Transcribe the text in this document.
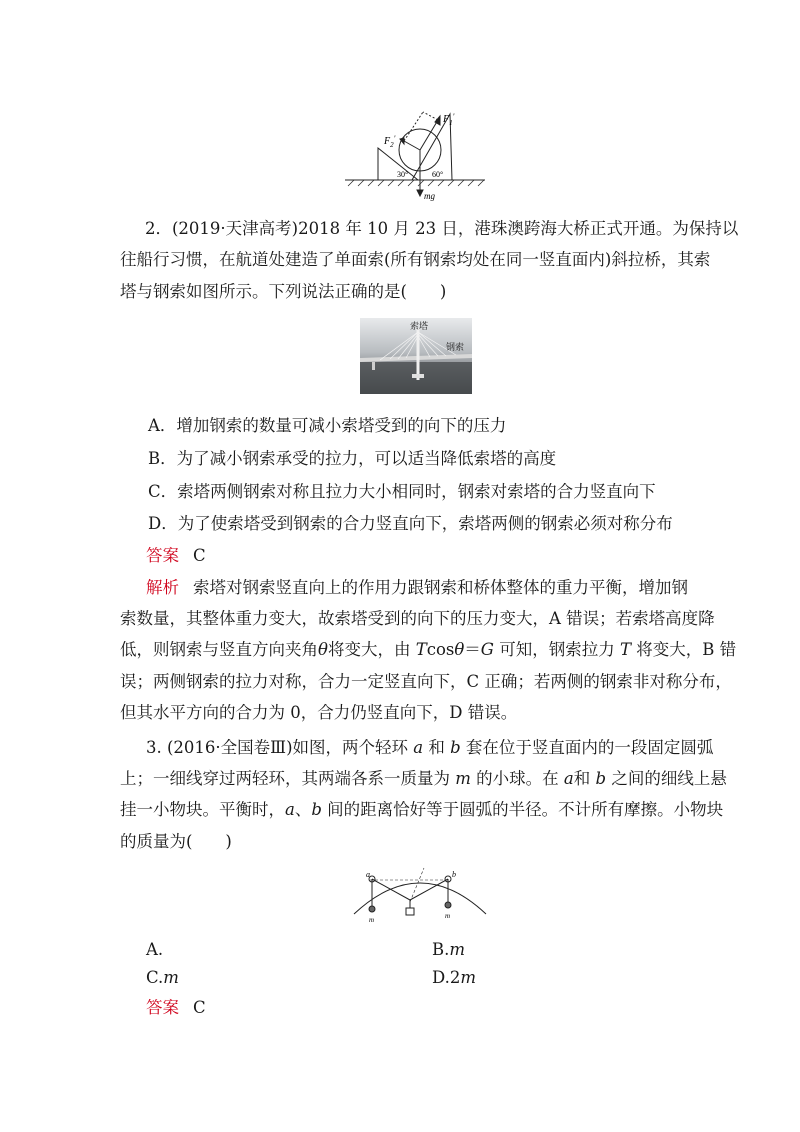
$F_1'$
$F_2'$
30°	60°
mg
2．(2019·天津高考)2018 年 10 月 23 日，港珠澳跨海大桥正式开通。为保持以
往船行习惯，在航道处建造了单面索(所有钢索均处在同一竖直面内)斜拉桥，其索
塔与钢索如图所示。下列说法正确的是(　　)
索塔
钢索
A．增加钢索的数量可减小索塔受到的向下的压力
B．为了减小钢索承受的拉力，可以适当降低索塔的高度
C．索塔两侧钢索对称且拉力大小相同时，钢索对索塔的合力竖直向下
D．为了使索塔受到钢索的合力竖直向下，索塔两侧的钢索必须对称分布
答案 C
解析 索塔对钢索竖直向上的作用力跟钢索和桥体整体的重力平衡，增加钢
索数量，其整体重力变大，故索塔受到的向下的压力变大，A 错误；若索塔高度降
低，则钢索与竖直方向夹角θ将变大，由 Tcosθ＝G 可知，钢索拉力 T 将变大，B 错
误；两侧钢索的拉力对称，合力一定竖直向下，C 正确；若两侧的钢索非对称分布，
但其水平方向的合力为 0，合力仍竖直向下，D 错误。
3. (2016·全国卷Ⅲ)如图，两个轻环 a 和 b 套在位于竖直面内的一段固定圆弧
上；一细线穿过两轻环，其两端各系一质量为 m 的小球。在 a和 b 之间的细线上悬
挂一小物块。平衡时，a、b 间的距离恰好等于圆弧的半径。不计所有摩擦。小物块
的质量为(　　)
a	b
m	m
A.	B.m
C.m	D.2m
答案 C
